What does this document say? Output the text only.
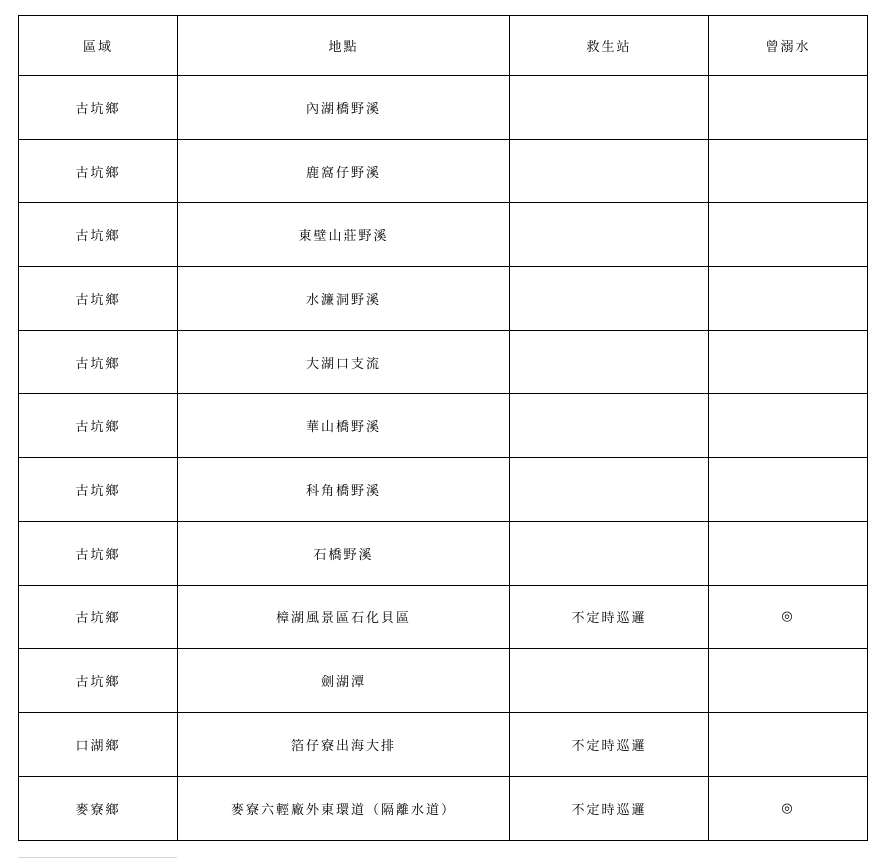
區域	地點	救生站	曾溺水
古坑鄉	內湖橋野溪		
古坑鄉	鹿窩仔野溪		
古坑鄉	東壁山莊野溪		
古坑鄉	水濂洞野溪		
古坑鄉	大湖口支流		
古坑鄉	華山橋野溪		
古坑鄉	科角橋野溪		
古坑鄉	石橋野溪		
古坑鄉	樟湖風景區石化貝區	不定時巡邏	◎
古坑鄉	劍湖潭		
口湖鄉	箔仔寮出海大排	不定時巡邏	
麥寮鄉	麥寮六輕廠外東環道（隔離水道）	不定時巡邏	◎
